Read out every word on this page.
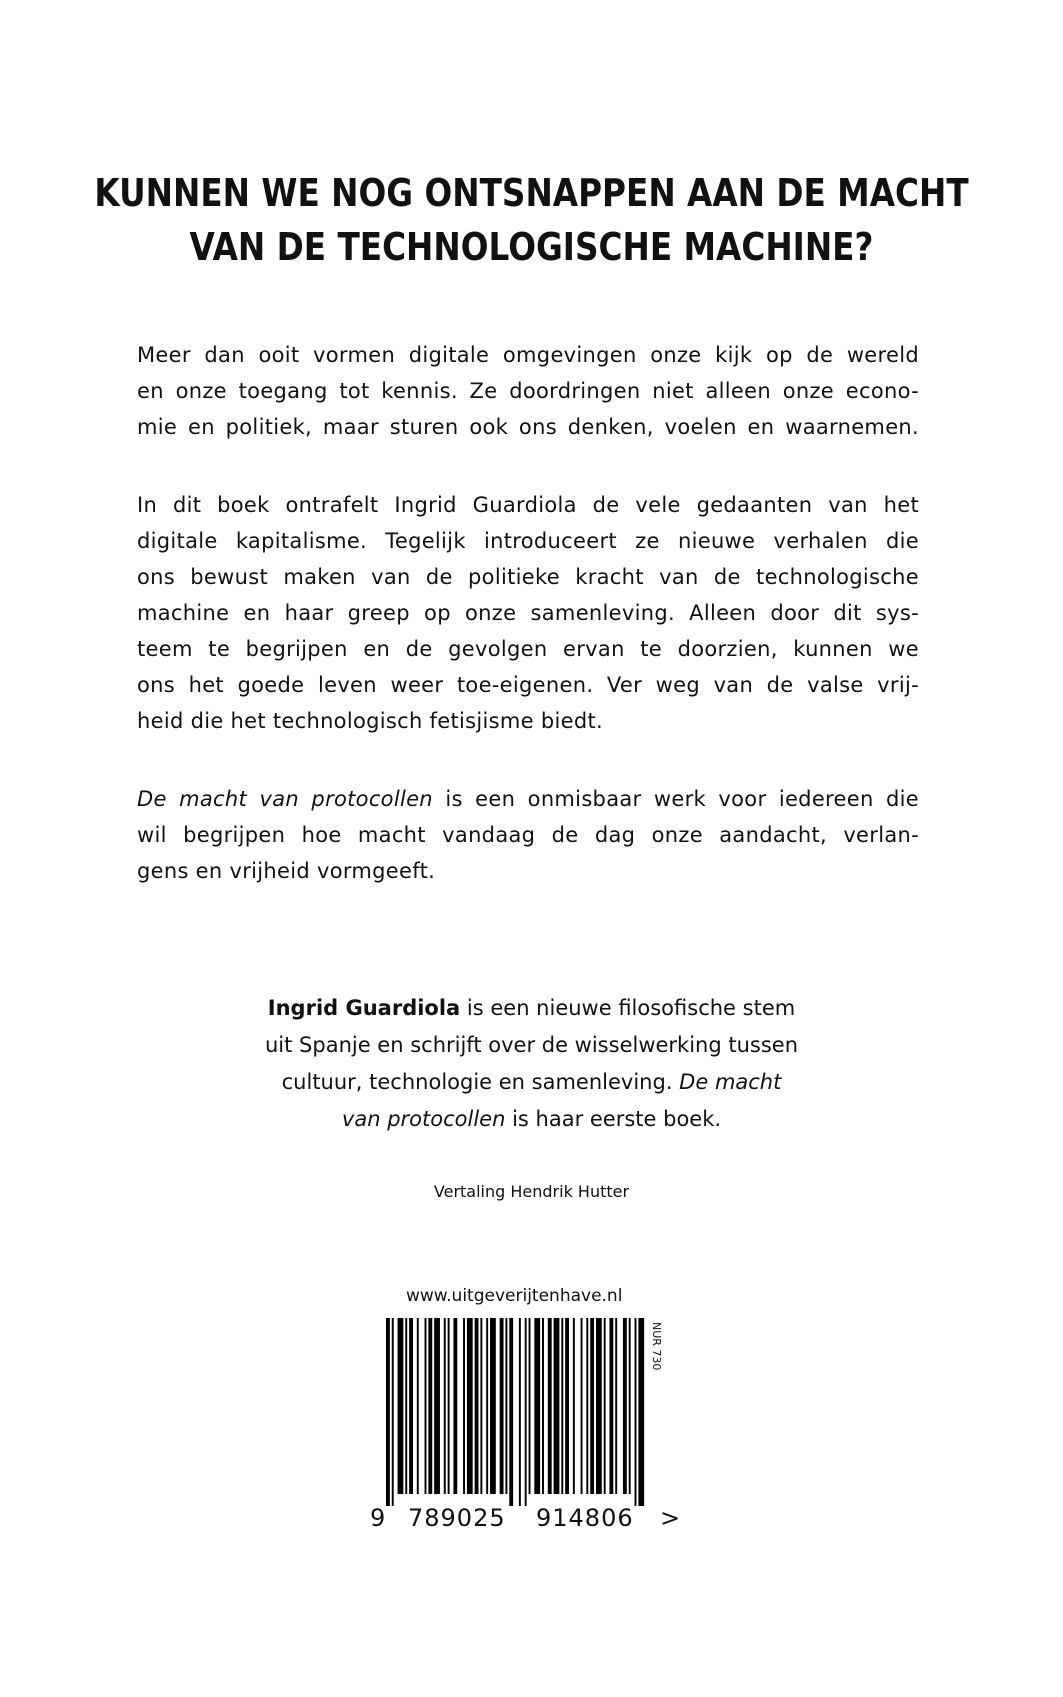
KUNNEN WE NOG ONTSNAPPEN AAN DE MACHT
VAN DE TECHNOLOGISCHE MACHINE?

Meer dan ooit vormen digitale omgevingen onze kijk op de wereld
en onze toegang tot kennis. Ze doordringen niet alleen onze econo-
mie en politiek, maar sturen ook ons denken, voelen en waarnemen.

In dit boek ontrafelt Ingrid Guardiola de vele gedaanten van het
digitale kapitalisme. Tegelijk introduceert ze nieuwe verhalen die
ons bewust maken van de politieke kracht van de technologische
machine en haar greep op onze samenleving. Alleen door dit sys-
teem te begrijpen en de gevolgen ervan te doorzien, kunnen we
ons het goede leven weer toe-eigenen. Ver weg van de valse vrij-
heid die het technologisch fetisjisme biedt.

De macht van protocollen is een onmisbaar werk voor iedereen die
wil begrijpen hoe macht vandaag de dag onze aandacht, verlan-
gens en vrijheid vormgeeft.

Ingrid Guardiola is een nieuwe filosofische stem
uit Spanje en schrijft over de wisselwerking tussen
cultuur, technologie en samenleving. De macht
van protocollen is haar eerste boek.
Vertaling Hendrik Hutter
www.uitgeverijtenhave.nl
NUR 730
9 789025 914806 >
